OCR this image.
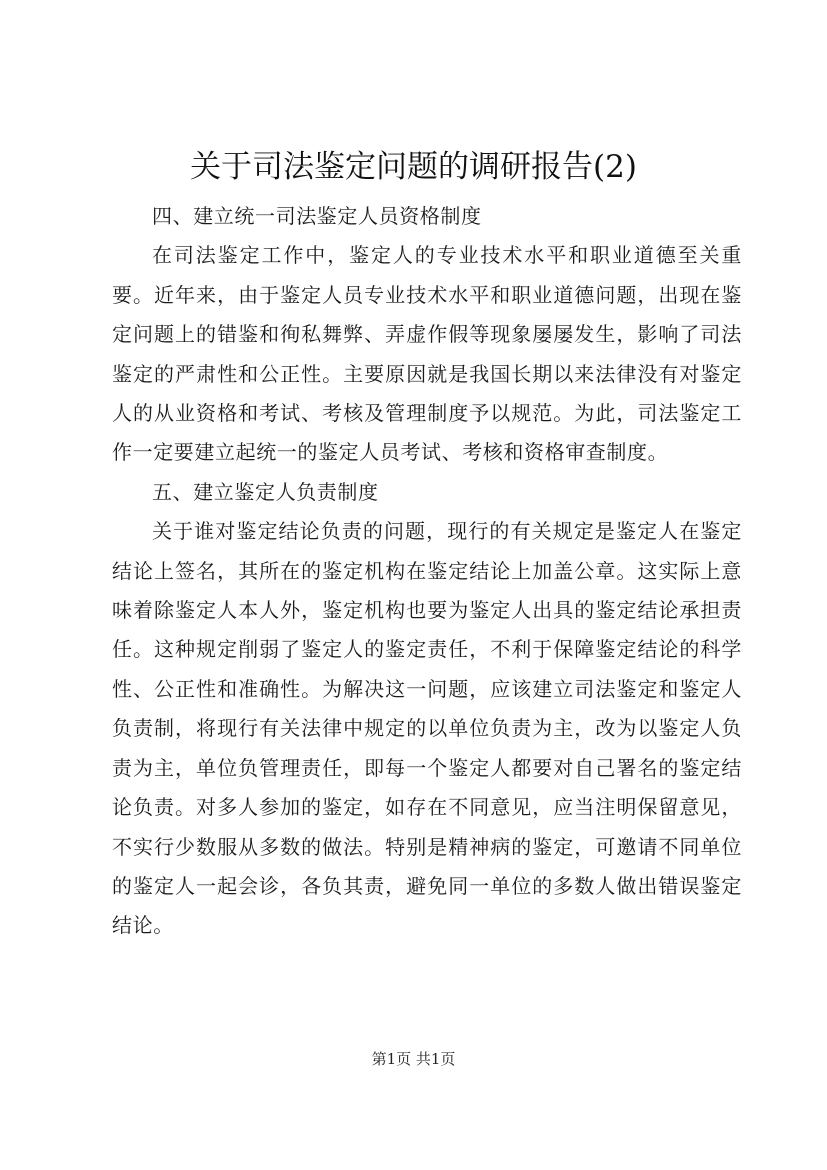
关于司法鉴定问题的调研报告(2)

四、建立统一司法鉴定人员资格制度

在司法鉴定工作中，鉴定人的专业技术水平和职业道德至关重要。近年来，由于鉴定人员专业技术水平和职业道德问题，出现在鉴定问题上的错鉴和徇私舞弊、弄虚作假等现象屡屡发生，影响了司法鉴定的严肃性和公正性。主要原因就是我国长期以来法律没有对鉴定人的从业资格和考试、考核及管理制度予以规范。为此，司法鉴定工作一定要建立起统一的鉴定人员考试、考核和资格审查制度。

五、建立鉴定人负责制度

关于谁对鉴定结论负责的问题，现行的有关规定是鉴定人在鉴定结论上签名，其所在的鉴定机构在鉴定结论上加盖公章。这实际上意味着除鉴定人本人外，鉴定机构也要为鉴定人出具的鉴定结论承担责任。这种规定削弱了鉴定人的鉴定责任，不利于保障鉴定结论的科学性、公正性和准确性。为解决这一问题，应该建立司法鉴定和鉴定人负责制，将现行有关法律中规定的以单位负责为主，改为以鉴定人负责为主，单位负管理责任，即每一个鉴定人都要对自己署名的鉴定结论负责。对多人参加的鉴定，如存在不同意见，应当注明保留意见，不实行少数服从多数的做法。特别是精神病的鉴定，可邀请不同单位的鉴定人一起会诊，各负其责，避免同一单位的多数人做出错误鉴定结论。

第1页 共1页
